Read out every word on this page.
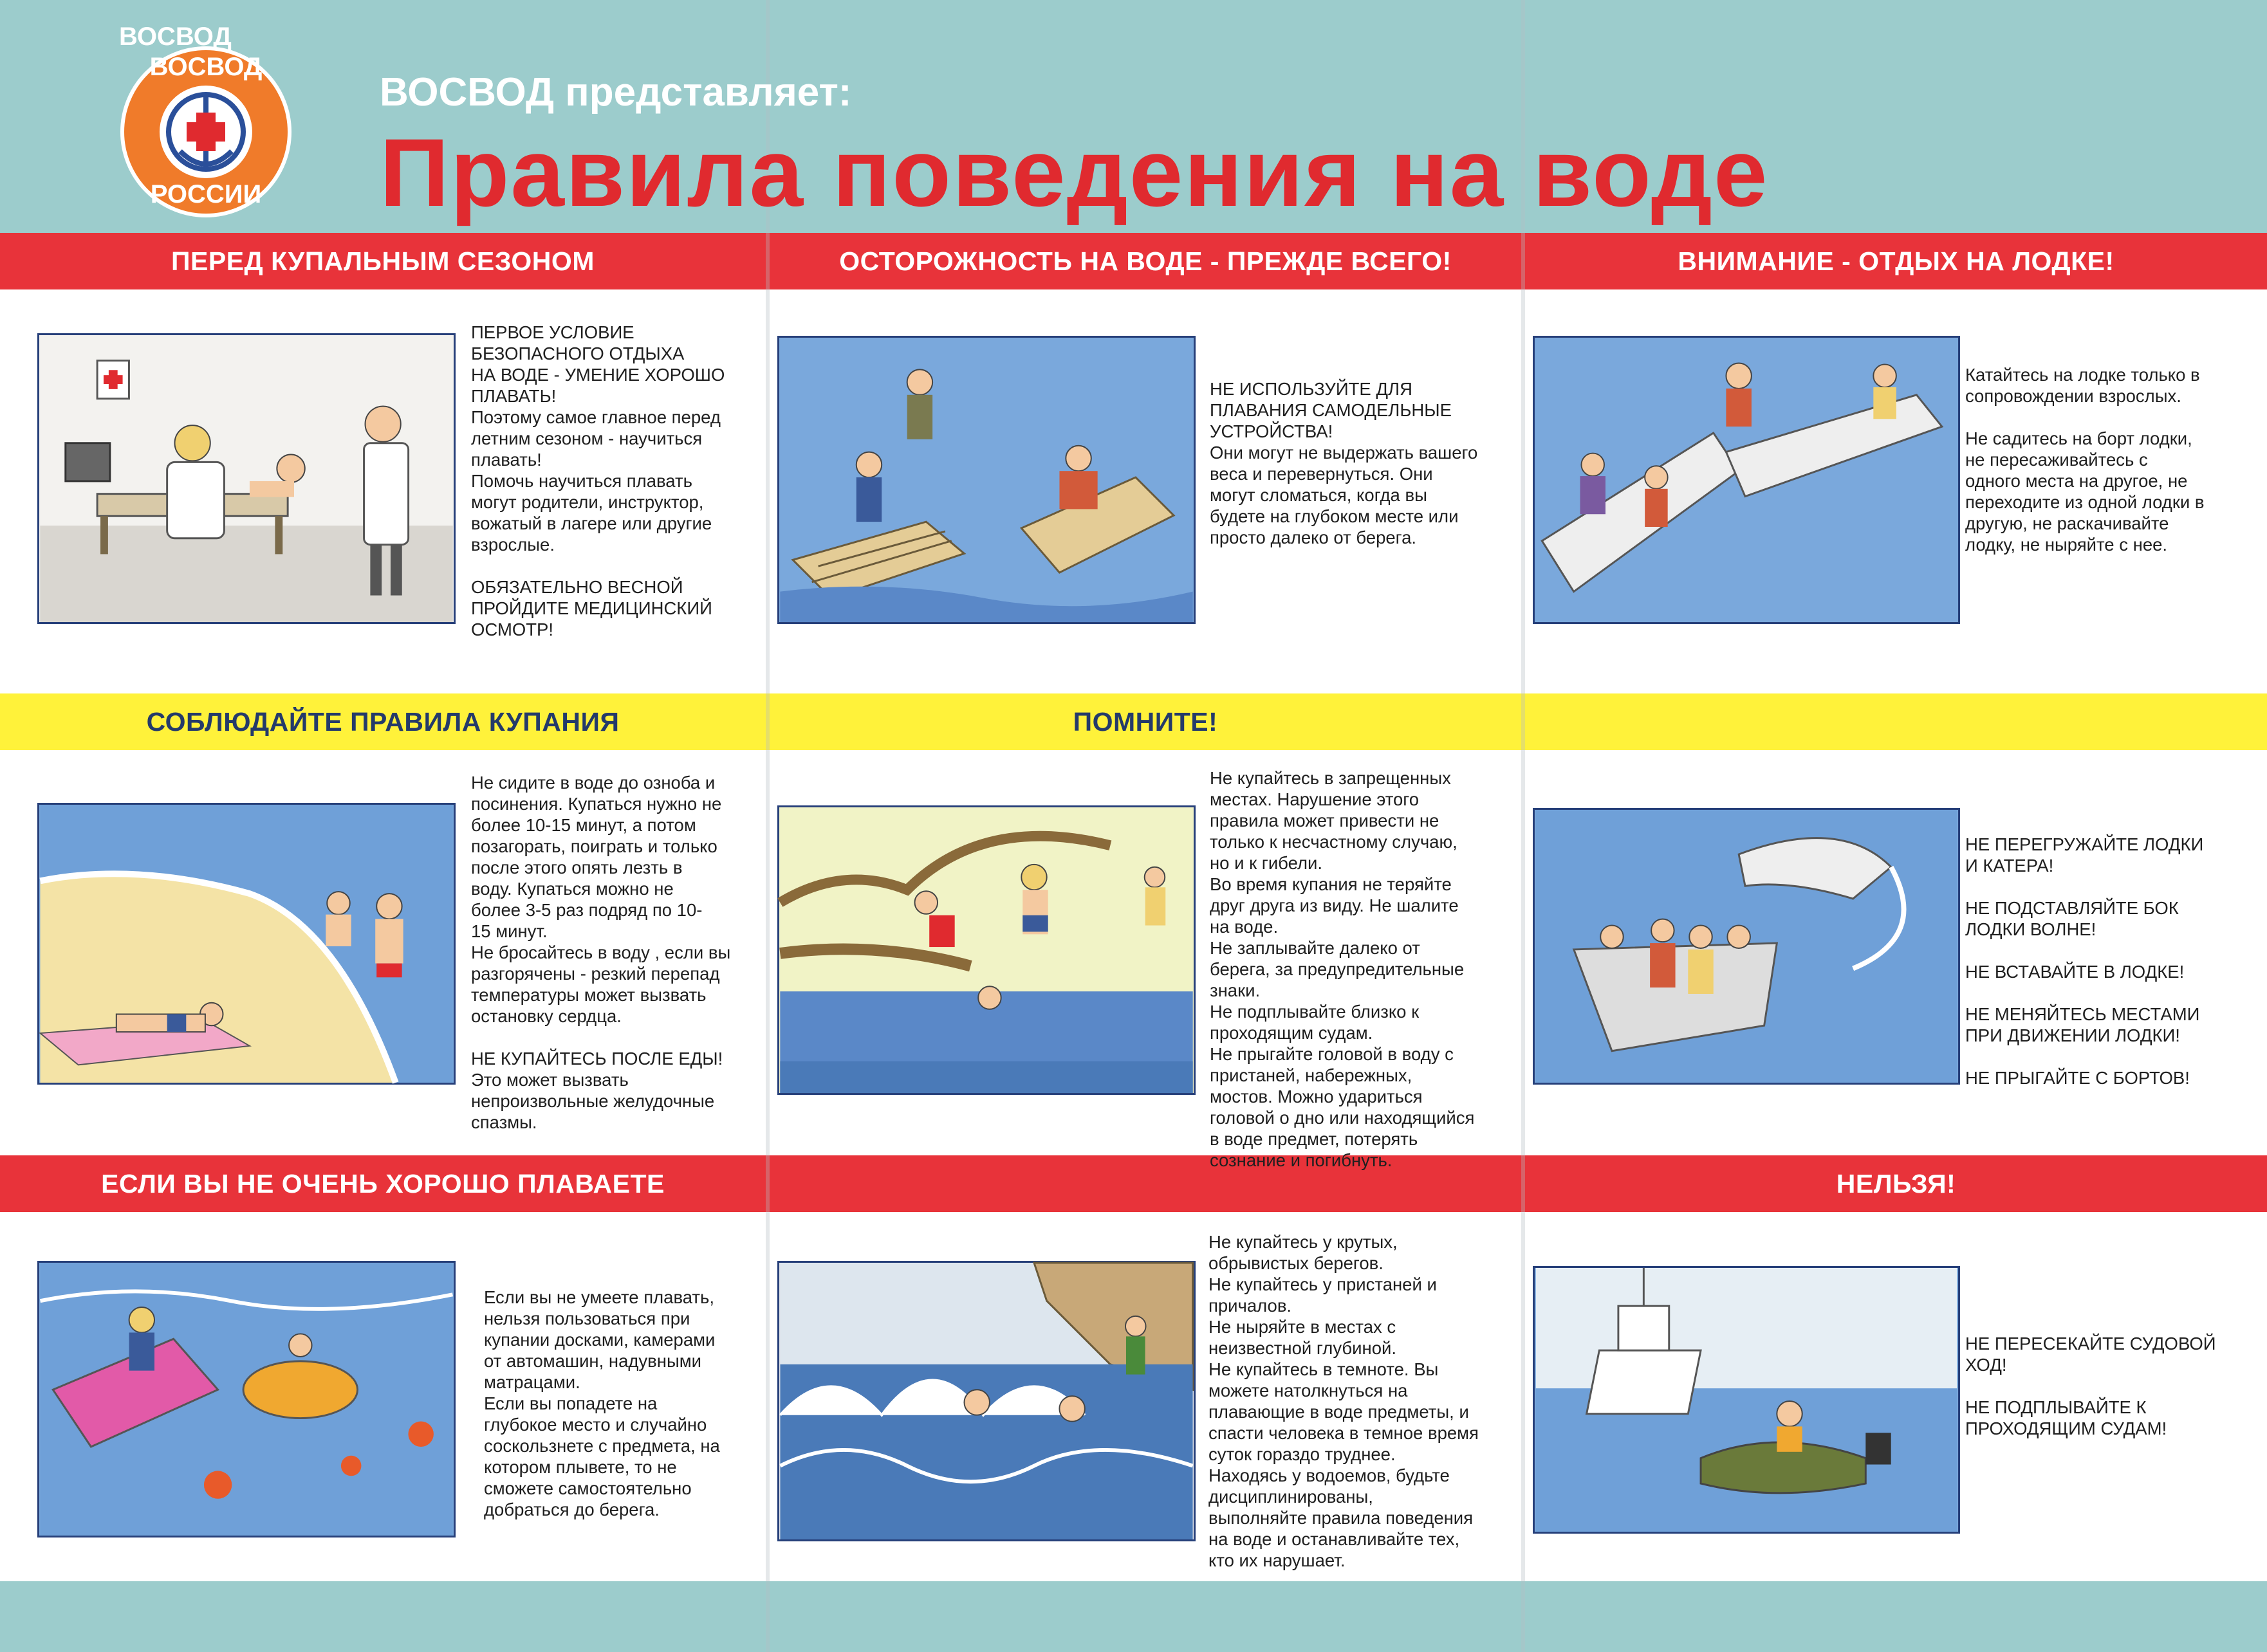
ВОСВОД
ВОСВОД
РОССИИ
ВОСВОД представляет:
Правила поведения на воде
ПЕРЕД КУПАЛЬНЫМ СЕЗОНОМ	ОСТОРОЖНОСТЬ НА ВОДЕ - ПРЕЖДЕ ВСЕГО!	ВНИМАНИЕ - ОТДЫХ НА ЛОДКЕ!
СОБЛЮДАЙТЕ ПРАВИЛА КУПАНИЯ	ПОМНИТЕ!
ЕСЛИ ВЫ НЕ ОЧЕНЬ ХОРОШО ПЛАВАЕТЕ	НЕЛЬЗЯ!
ПЕРВОЕ УСЛОВИЕ
БЕЗОПАСНОГО ОТДЫХА
НА ВОДЕ - УМЕНИЕ ХОРОШО
ПЛАВАТЬ!
Поэтому самое главное перед
летним сезоном - научиться
плавать!
Помочь научиться плавать
могут родители, инструктор,
вожатый в лагере или другие
взрослые.

ОБЯЗАТЕЛЬНО ВЕСНОЙ
ПРОЙДИТЕ МЕДИЦИНСКИЙ
ОСМОТР!
НЕ ИСПОЛЬЗУЙТЕ ДЛЯ
ПЛАВАНИЯ САМОДЕЛЬНЫЕ
УСТРОЙСТВА!
Они могут не выдержать вашего
веса и перевернуться. Они
могут сломаться, когда вы
будете на глубоком месте или
просто далеко от берега.
Катайтесь на лодке только в
сопровождении взрослых.

Не садитесь на борт лодки,
не пересаживайтесь с
одного места на другое, не
переходите из одной лодки в
другую, не раскачивайте
лодку, не ныряйте с нее.
Не сидите в воде до озноба и
посинения. Купаться нужно не
более 10-15 минут, а потом
позагорать, поиграть и только
после этого опять лезть в
воду. Купаться можно не
более 3-5 раз подряд по 10-
15 минут.
Не бросайтесь в воду , если вы
разгорячены - резкий перепад
температуры может вызвать
остановку сердца.

НЕ КУПАЙТЕСЬ ПОСЛЕ ЕДЫ!
Это может вызвать
непроизвольные желудочные
спазмы.
Не купайтесь в запрещенных
местах. Нарушение этого
правила может привести не
только к несчастному случаю,
но и к гибели.
Во время купания не теряйте
друг друга из виду. Не шалите
на воде.
Не заплывайте далеко от
берега, за предупредительные
знаки.
Не подплывайте близко к
проходящим судам.
Не прыгайте головой в воду с
пристаней, набережных,
мостов. Можно удариться
головой о дно или находящийся
в воде предмет, потерять
сознание и погибнуть.
НЕ ПЕРЕГРУЖАЙТЕ ЛОДКИ
И КАТЕРА!

НЕ ПОДСТАВЛЯЙТЕ БОК
ЛОДКИ ВОЛНЕ!

НЕ ВСТАВАЙТЕ В ЛОДКЕ!

НЕ МЕНЯЙТЕСЬ МЕСТАМИ
ПРИ ДВИЖЕНИИ ЛОДКИ!

НЕ ПРЫГАЙТЕ С БОРТОВ!
Если вы не умеете плавать,
нельзя пользоваться при
купании досками, камерами
от автомашин, надувными
матрацами.
Если вы попадете на
глубокое место и случайно
соскользнете с предмета, на
котором плывете, то не
сможете самостоятельно
добраться до берега.
Не купайтесь у крутых,
обрывистых берегов.
Не купайтесь у пристаней и
причалов.
Не ныряйте в местах с
неизвестной глубиной.
Не купайтесь в темноте. Вы
можете натолкнуться на
плавающие в воде предметы, и
спасти человека в темное время
суток гораздо труднее.
Находясь у водоемов, будьте
дисциплинированы,
выполняйте правила поведения
на воде и останавливайте тех,
кто их нарушает.
НЕ ПЕРЕСЕКАЙТЕ СУДОВОЙ
ХОД!

НЕ ПОДПЛЫВАЙТЕ К
ПРОХОДЯЩИМ СУДАМ!
